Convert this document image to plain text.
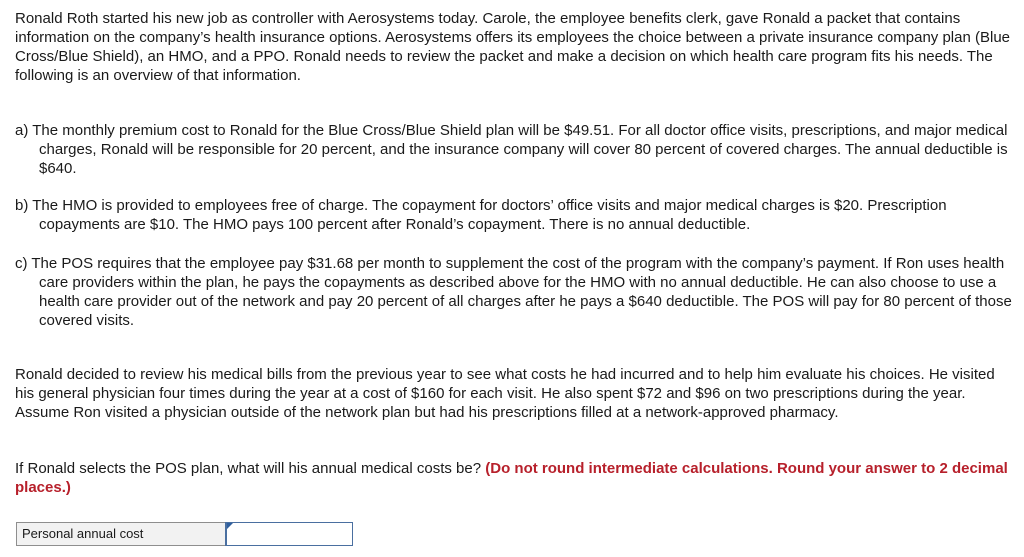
Ronald Roth started his new job as controller with Aerosystems today. Carole, the employee benefits clerk, gave Ronald a packet that contains information on the company’s health insurance options. Aerosystems offers its employees the choice between a private insurance company plan (Blue Cross/Blue Shield), an HMO, and a PPO. Ronald needs to review the packet and make a decision on which health care program fits his needs. The following is an overview of that information.

a) The monthly premium cost to Ronald for the Blue Cross/Blue Shield plan will be $49.51. For all doctor office visits, prescriptions, and major medical charges, Ronald will be responsible for 20 percent, and the insurance company will cover 80 percent of covered charges. The annual deductible is $640.

b) The HMO is provided to employees free of charge. The copayment for doctors’ office visits and major medical charges is $20. Prescription copayments are $10. The HMO pays 100 percent after Ronald’s copayment. There is no annual deductible.

c) The POS requires that the employee pay $31.68 per month to supplement the cost of the program with the company’s payment. If Ron uses health care providers within the plan, he pays the copayments as described above for the HMO with no annual deductible. He can also choose to use a health care provider out of the network and pay 20 percent of all charges after he pays a $640 deductible. The POS will pay for 80 percent of those covered visits.

Ronald decided to review his medical bills from the previous year to see what costs he had incurred and to help him evaluate his choices. He visited his general physician four times during the year at a cost of $160 for each visit. He also spent $72 and $96 on two prescriptions during the year. Assume Ron visited a physician outside of the network plan but had his prescriptions filled at a network-approved pharmacy.

If Ronald selects the POS plan, what will his annual medical costs be? (Do not round intermediate calculations. Round your answer to 2 decimal places.)

Personal annual cost
